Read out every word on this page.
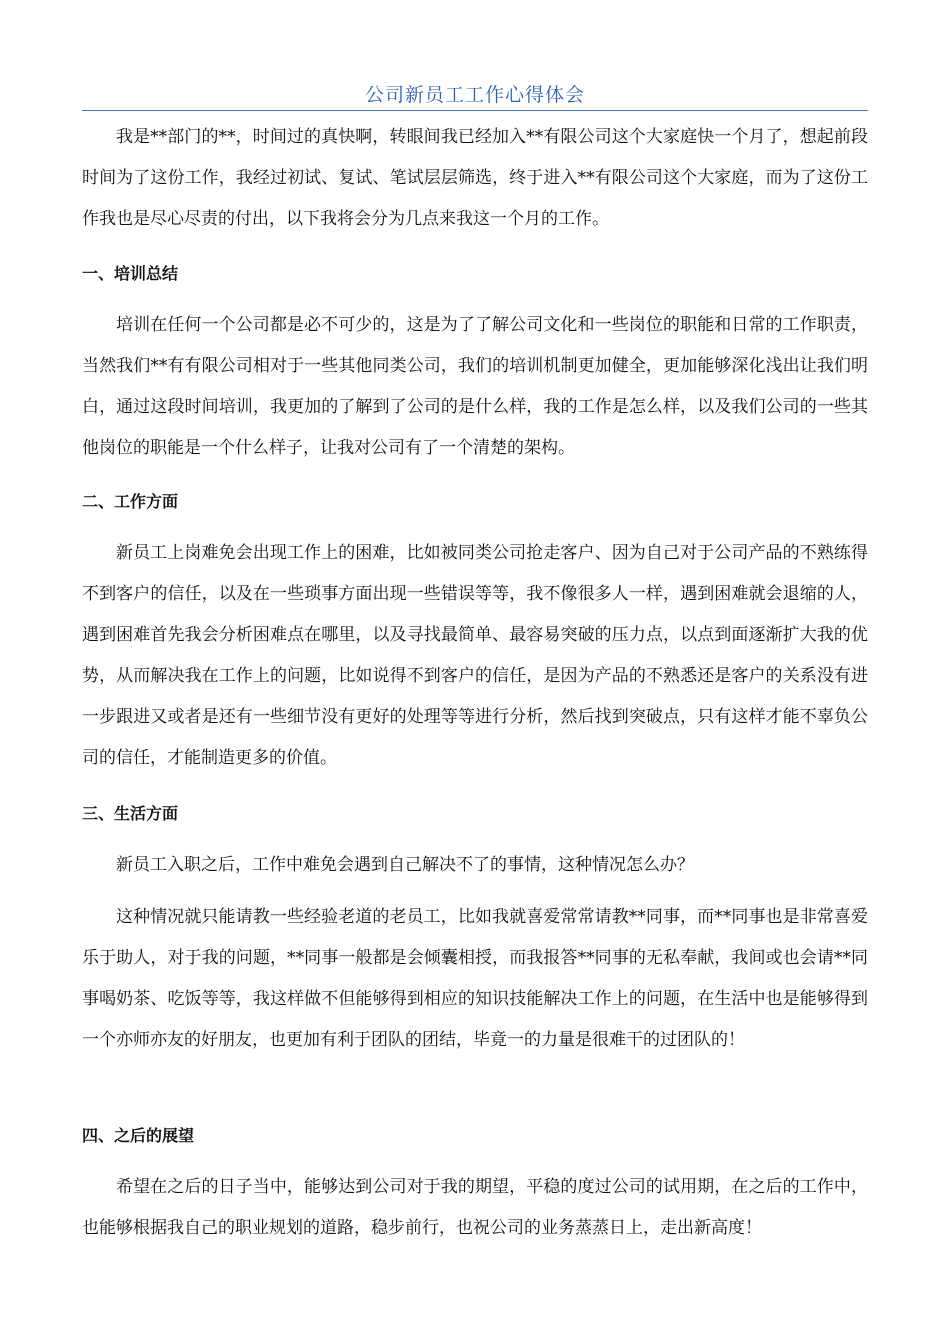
公司新员工工作心得体会

我是**部门的**，时间过的真快啊，转眼间我已经加入**有限公司这个大家庭快一个月了，想起前段时间为了这份工作，我经过初试、复试、笔试层层筛选，终于进入**有限公司这个大家庭，而为了这份工作我也是尽心尽责的付出，以下我将会分为几点来我这一个月的工作。

一、培训总结

培训在任何一个公司都是必不可少的，这是为了了解公司文化和一些岗位的职能和日常的工作职责，当然我们**有有限公司相对于一些其他同类公司，我们的培训机制更加健全，更加能够深化浅出让我们明白，通过这段时间培训，我更加的了解到了公司的是什么样，我的工作是怎么样，以及我们公司的一些其他岗位的职能是一个什么样子，让我对公司有了一个清楚的架构。

二、工作方面

新员工上岗难免会出现工作上的困难，比如被同类公司抢走客户、因为自己对于公司产品的不熟练得不到客户的信任，以及在一些琐事方面出现一些错误等等，我不像很多人一样，遇到困难就会退缩的人，遇到困难首先我会分析困难点在哪里，以及寻找最简单、最容易突破的压力点，以点到面逐渐扩大我的优势，从而解决我在工作上的问题，比如说得不到客户的信任，是因为产品的不熟悉还是客户的关系没有进一步跟进又或者是还有一些细节没有更好的处理等等进行分析，然后找到突破点，只有这样才能不辜负公司的信任，才能制造更多的价值。

三、生活方面

新员工入职之后，工作中难免会遇到自己解决不了的事情，这种情况怎么办？

这种情况就只能请教一些经验老道的老员工，比如我就喜爱常常请教**同事，而**同事也是非常喜爱乐于助人，对于我的问题，**同事一般都是会倾囊相授，而我报答**同事的无私奉献，我间或也会请**同事喝奶茶、吃饭等等，我这样做不但能够得到相应的知识技能解决工作上的问题，在生活中也是能够得到一个亦师亦友的好朋友，也更加有利于团队的团结，毕竟一的力量是很难干的过团队的！

四、之后的展望

希望在之后的日子当中，能够达到公司对于我的期望，平稳的度过公司的试用期，在之后的工作中，也能够根据我自己的职业规划的道路，稳步前行，也祝公司的业务蒸蒸日上，走出新高度！
